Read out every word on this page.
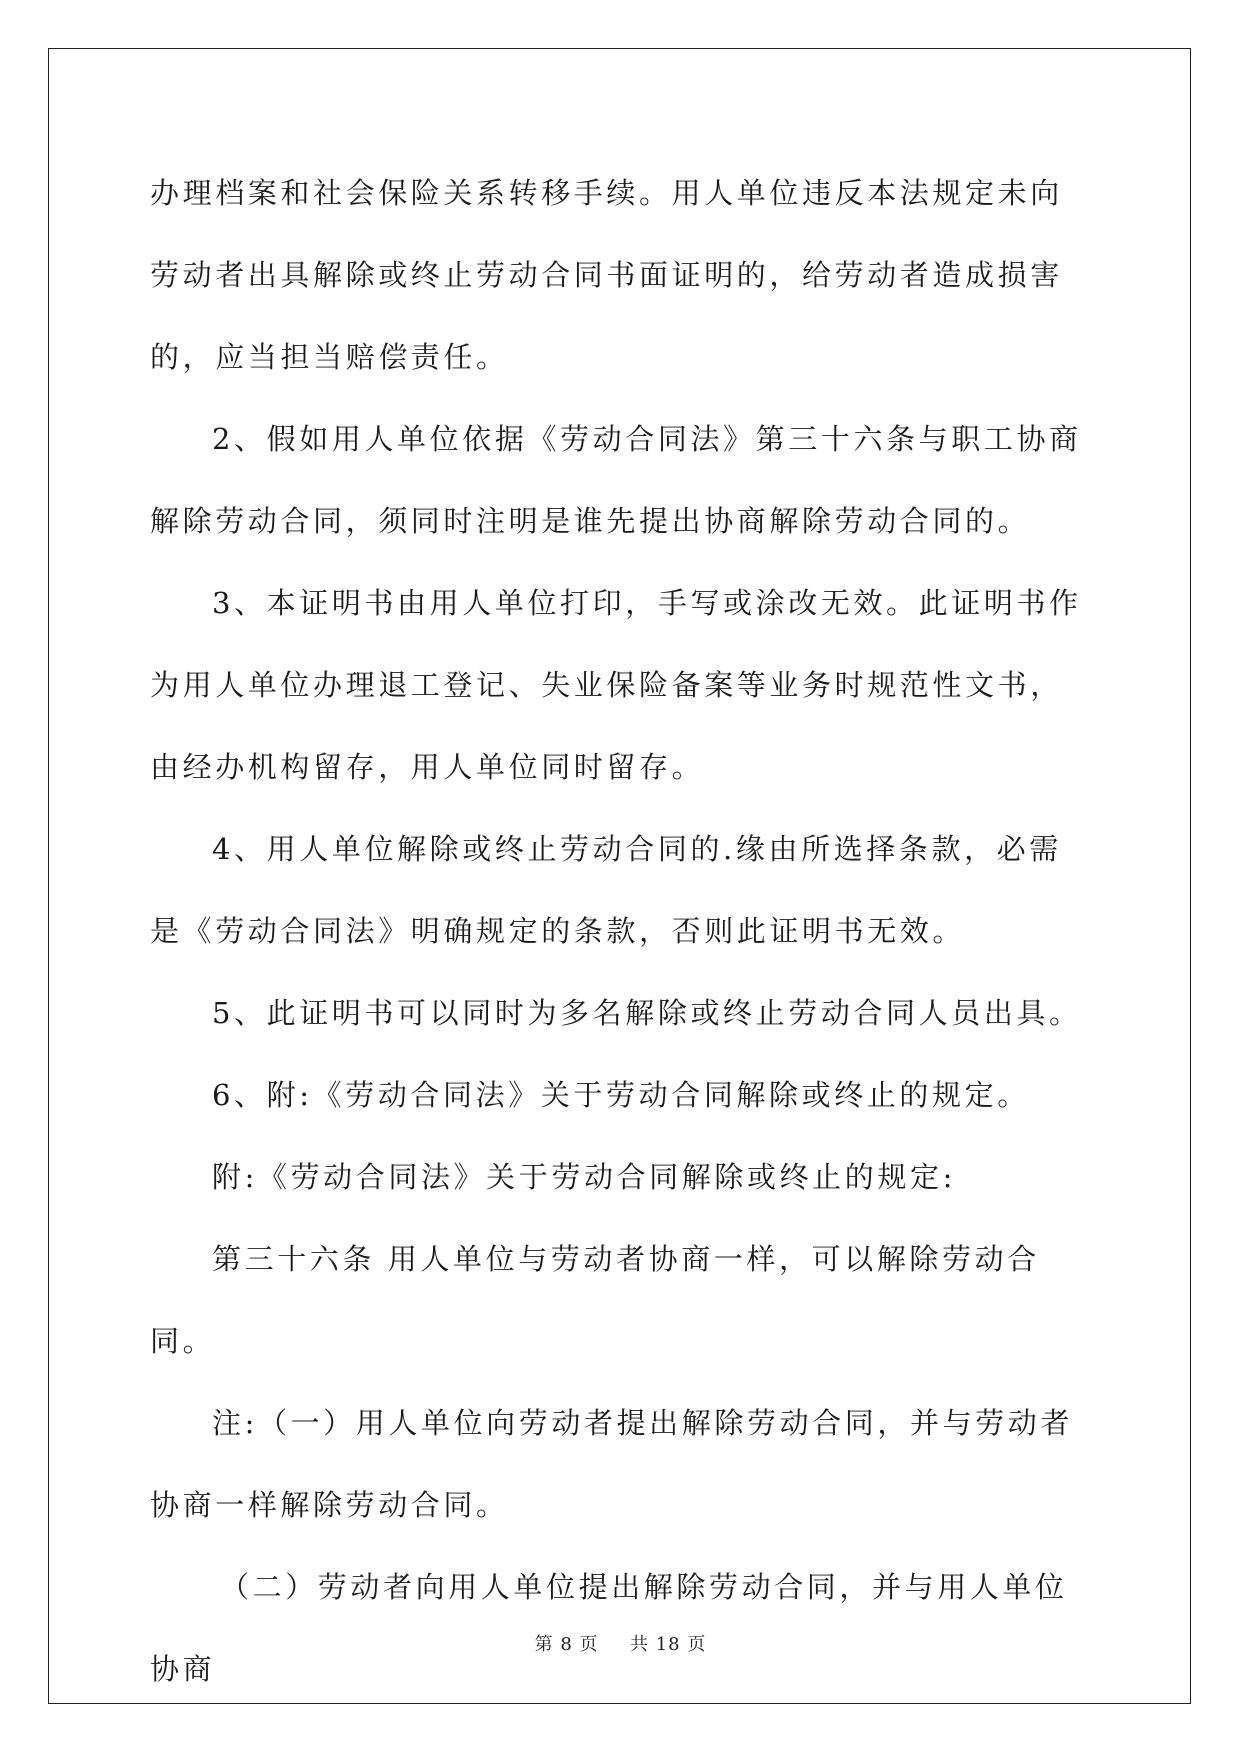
办理档案和社会保险关系转移手续。用人单位违反本法规定未向劳动者出具解除或终止劳动合同书面证明的，给劳动者造成损害的，应当担当赔偿责任。

2、假如用人单位依据《劳动合同法》第三十六条与职工协商解除劳动合同，须同时注明是谁先提出协商解除劳动合同的。

3、本证明书由用人单位打印，手写或涂改无效。此证明书作为用人单位办理退工登记、失业保险备案等业务时规范性文书，由经办机构留存，用人单位同时留存。

4、用人单位解除或终止劳动合同的.缘由所选择条款，必需是《劳动合同法》明确规定的条款，否则此证明书无效。

5、此证明书可以同时为多名解除或终止劳动合同人员出具。

6、附:《劳动合同法》关于劳动合同解除或终止的规定。

附:《劳动合同法》关于劳动合同解除或终止的规定:

第三十六条 用人单位与劳动者协商一样，可以解除劳动合同。

注:（一）用人单位向劳动者提出解除劳动合同，并与劳动者协商一样解除劳动合同。

（二）劳动者向用人单位提出解除劳动合同，并与用人单位协商

第 8 页 共 18 页
